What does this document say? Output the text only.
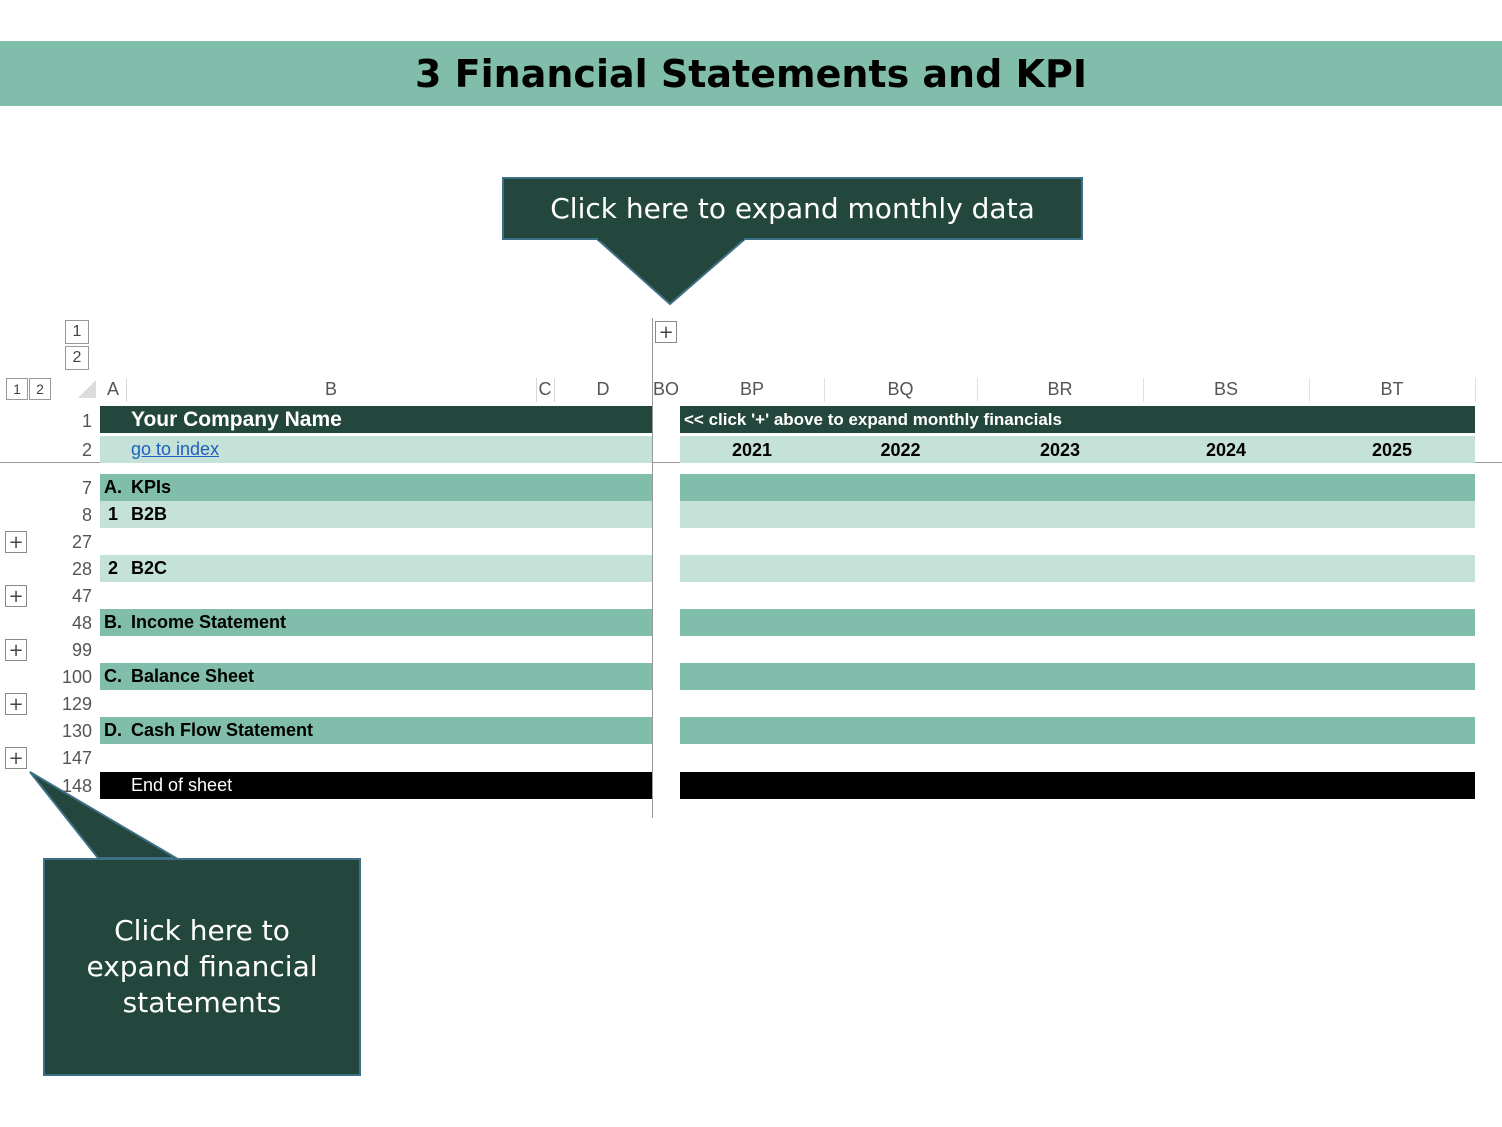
3 Financial Statements and KPI
Click here to expand monthly data
1
2
+
1 2	A	B	C	D	BO	BP	BQ	BR	BS	BT
1 Your Company Name	<< click '+' above to expand monthly financials
2	go to index	2021	2022	2023	2024	2025
7 A. KPIs
8 1 B2B
+	27
28 2 B2C
+	47
48 B. Income Statement
+	99
100 C. Balance Sheet
+ 129
130 D. Cash Flow Statement
+ 147
148	End of sheet
Click here to expand financial statements
